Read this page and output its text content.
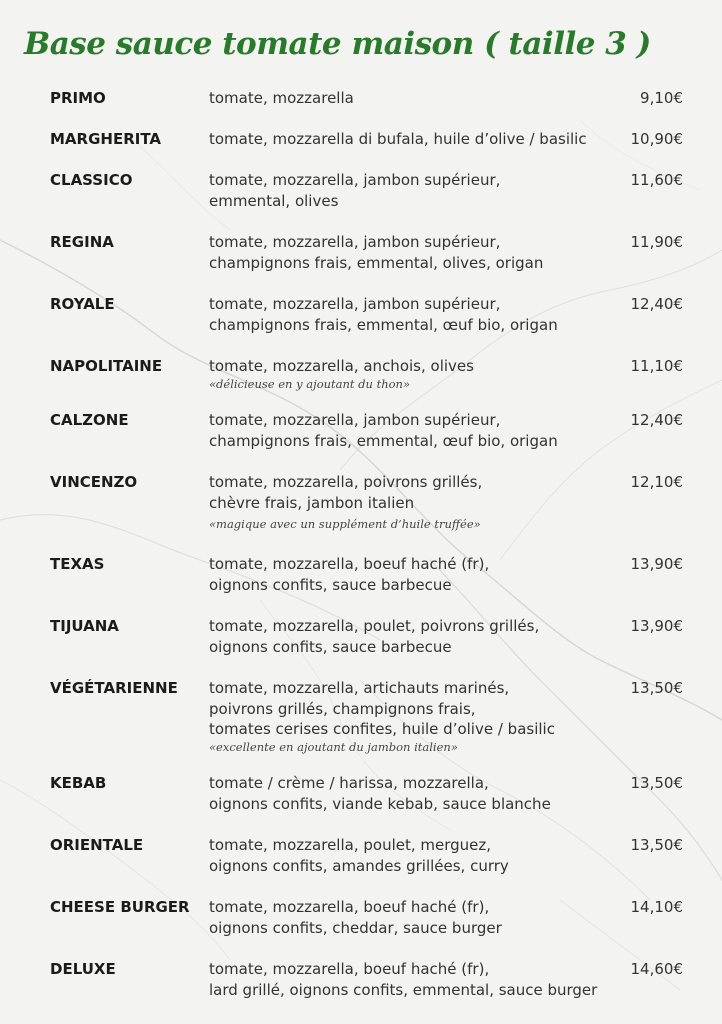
Base sauce tomate maison ( taille 3 )
PRIMO	tomate, mozzarella	9,10€
MARGHERITA	tomate, mozzarella di bufala, huile d’olive / basilic	10,90€
CLASSICO	tomate, mozzarella, jambon supérieur,
emmental, olives
11,60€
REGINA	tomate, mozzarella, jambon supérieur,
champignons frais, emmental, olives, origan
11,90€
ROYALE	tomate, mozzarella, jambon supérieur,
champignons frais, emmental, œuf bio, origan
12,40€
NAPOLITAINE	tomate, mozzarella, anchois, olives
«délicieuse en y ajoutant du thon»
11,10€
CALZONE	tomate, mozzarella, jambon supérieur,
champignons frais, emmental, œuf bio, origan
12,40€
VINCENZO	tomate, mozzarella, poivrons grillés,
chèvre frais, jambon italien
«magique avec un supplément d’huile truffée»
12,10€
TEXAS	tomate, mozzarella, boeuf haché (fr),
oignons confits, sauce barbecue
13,90€
TIJUANA	tomate, mozzarella, poulet, poivrons grillés,
oignons confits, sauce barbecue
13,90€
VÉGÉTARIENNE tomate, mozzarella, artichauts marinés,
poivrons grillés, champignons frais,
tomates cerises confites, huile d’olive / basilic
«excellente en ajoutant du jambon italien»
13,50€
KEBAB	tomate / crème / harissa, mozzarella,
oignons confits, viande kebab, sauce blanche
13,50€
ORIENTALE	tomate, mozzarella, poulet, merguez,
oignons confits, amandes grillées, curry
13,50€
CHEESE BURGER tomate, mozzarella, boeuf haché (fr),
oignons confits, cheddar, sauce burger
14,10€
DELUXE	tomate, mozzarella, boeuf haché (fr),
lard grillé, oignons confits, emmental, sauce burger
14,60€
